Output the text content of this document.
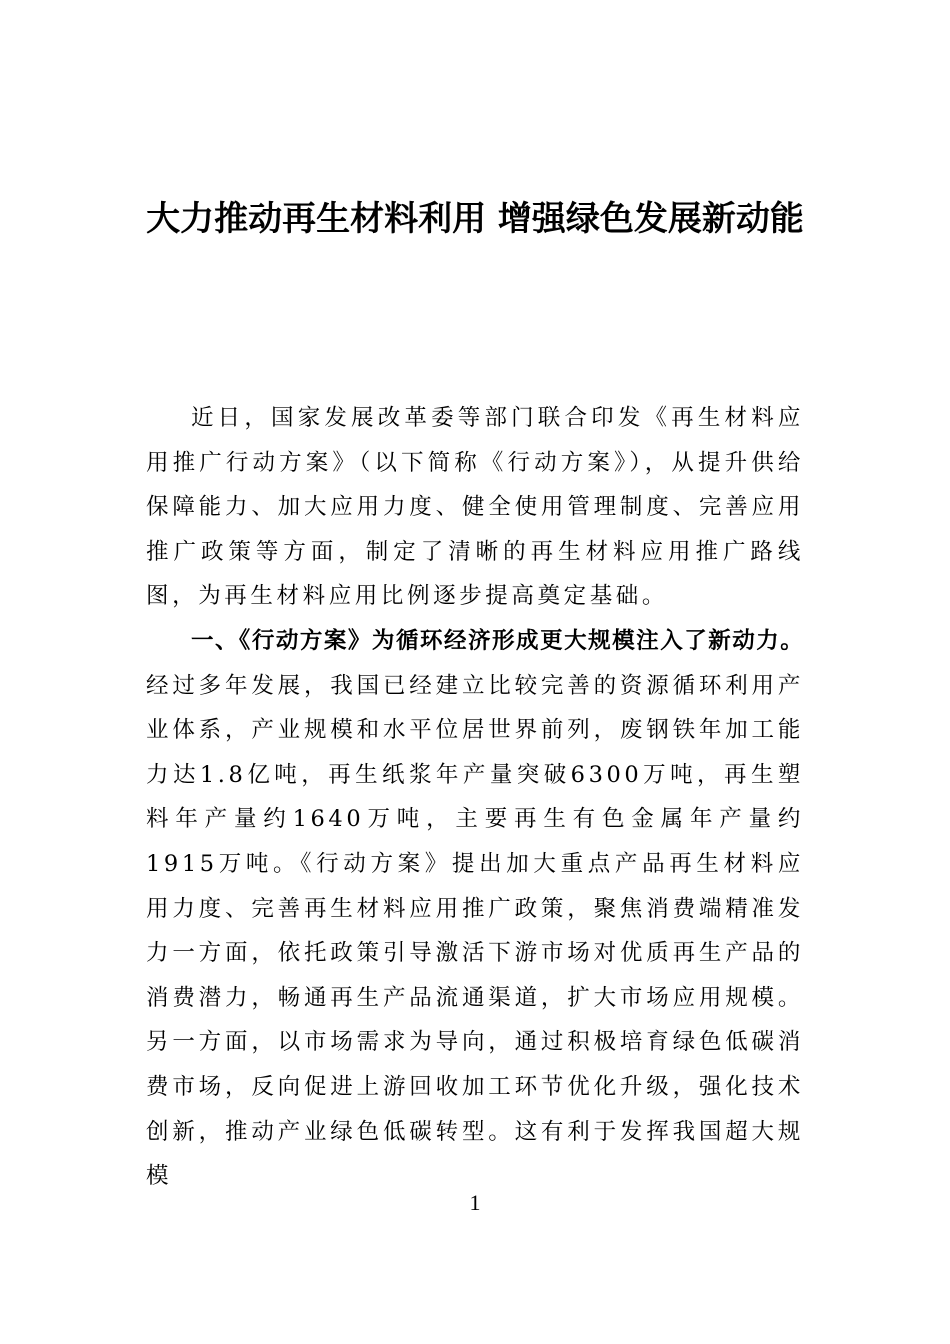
大力推动再生材料利用 增强绿色发展新动能

近日，国家发展改革委等部门联合印发《再生材料应用推广行动方案》（以下简称《行动方案》），从提升供给保障能力、加大应用力度、健全使用管理制度、完善应用推广政策等方面，制定了清晰的再生材料应用推广路线图，为再生材料应用比例逐步提高奠定基础。

一、《行动方案》为循环经济形成更大规模注入了新动力。经过多年发展，我国已经建立比较完善的资源循环利用产业体系，产业规模和水平位居世界前列，废钢铁年加工能力达1.8亿吨，再生纸浆年产量突破6300万吨，再生塑料年产量约1640万吨，主要再生有色金属年产量约1915万吨。《行动方案》提出加大重点产品再生材料应用力度、完善再生材料应用推广政策，聚焦消费端精准发力一方面，依托政策引导激活下游市场对优质再生产品的消费潜力，畅通再生产品流通渠道，扩大市场应用规模。另一方面，以市场需求为导向，通过积极培育绿色低碳消费市场，反向促进上游回收加工环节优化升级，强化技术创新，推动产业绿色低碳转型。这有利于发挥我国超大规模

1
